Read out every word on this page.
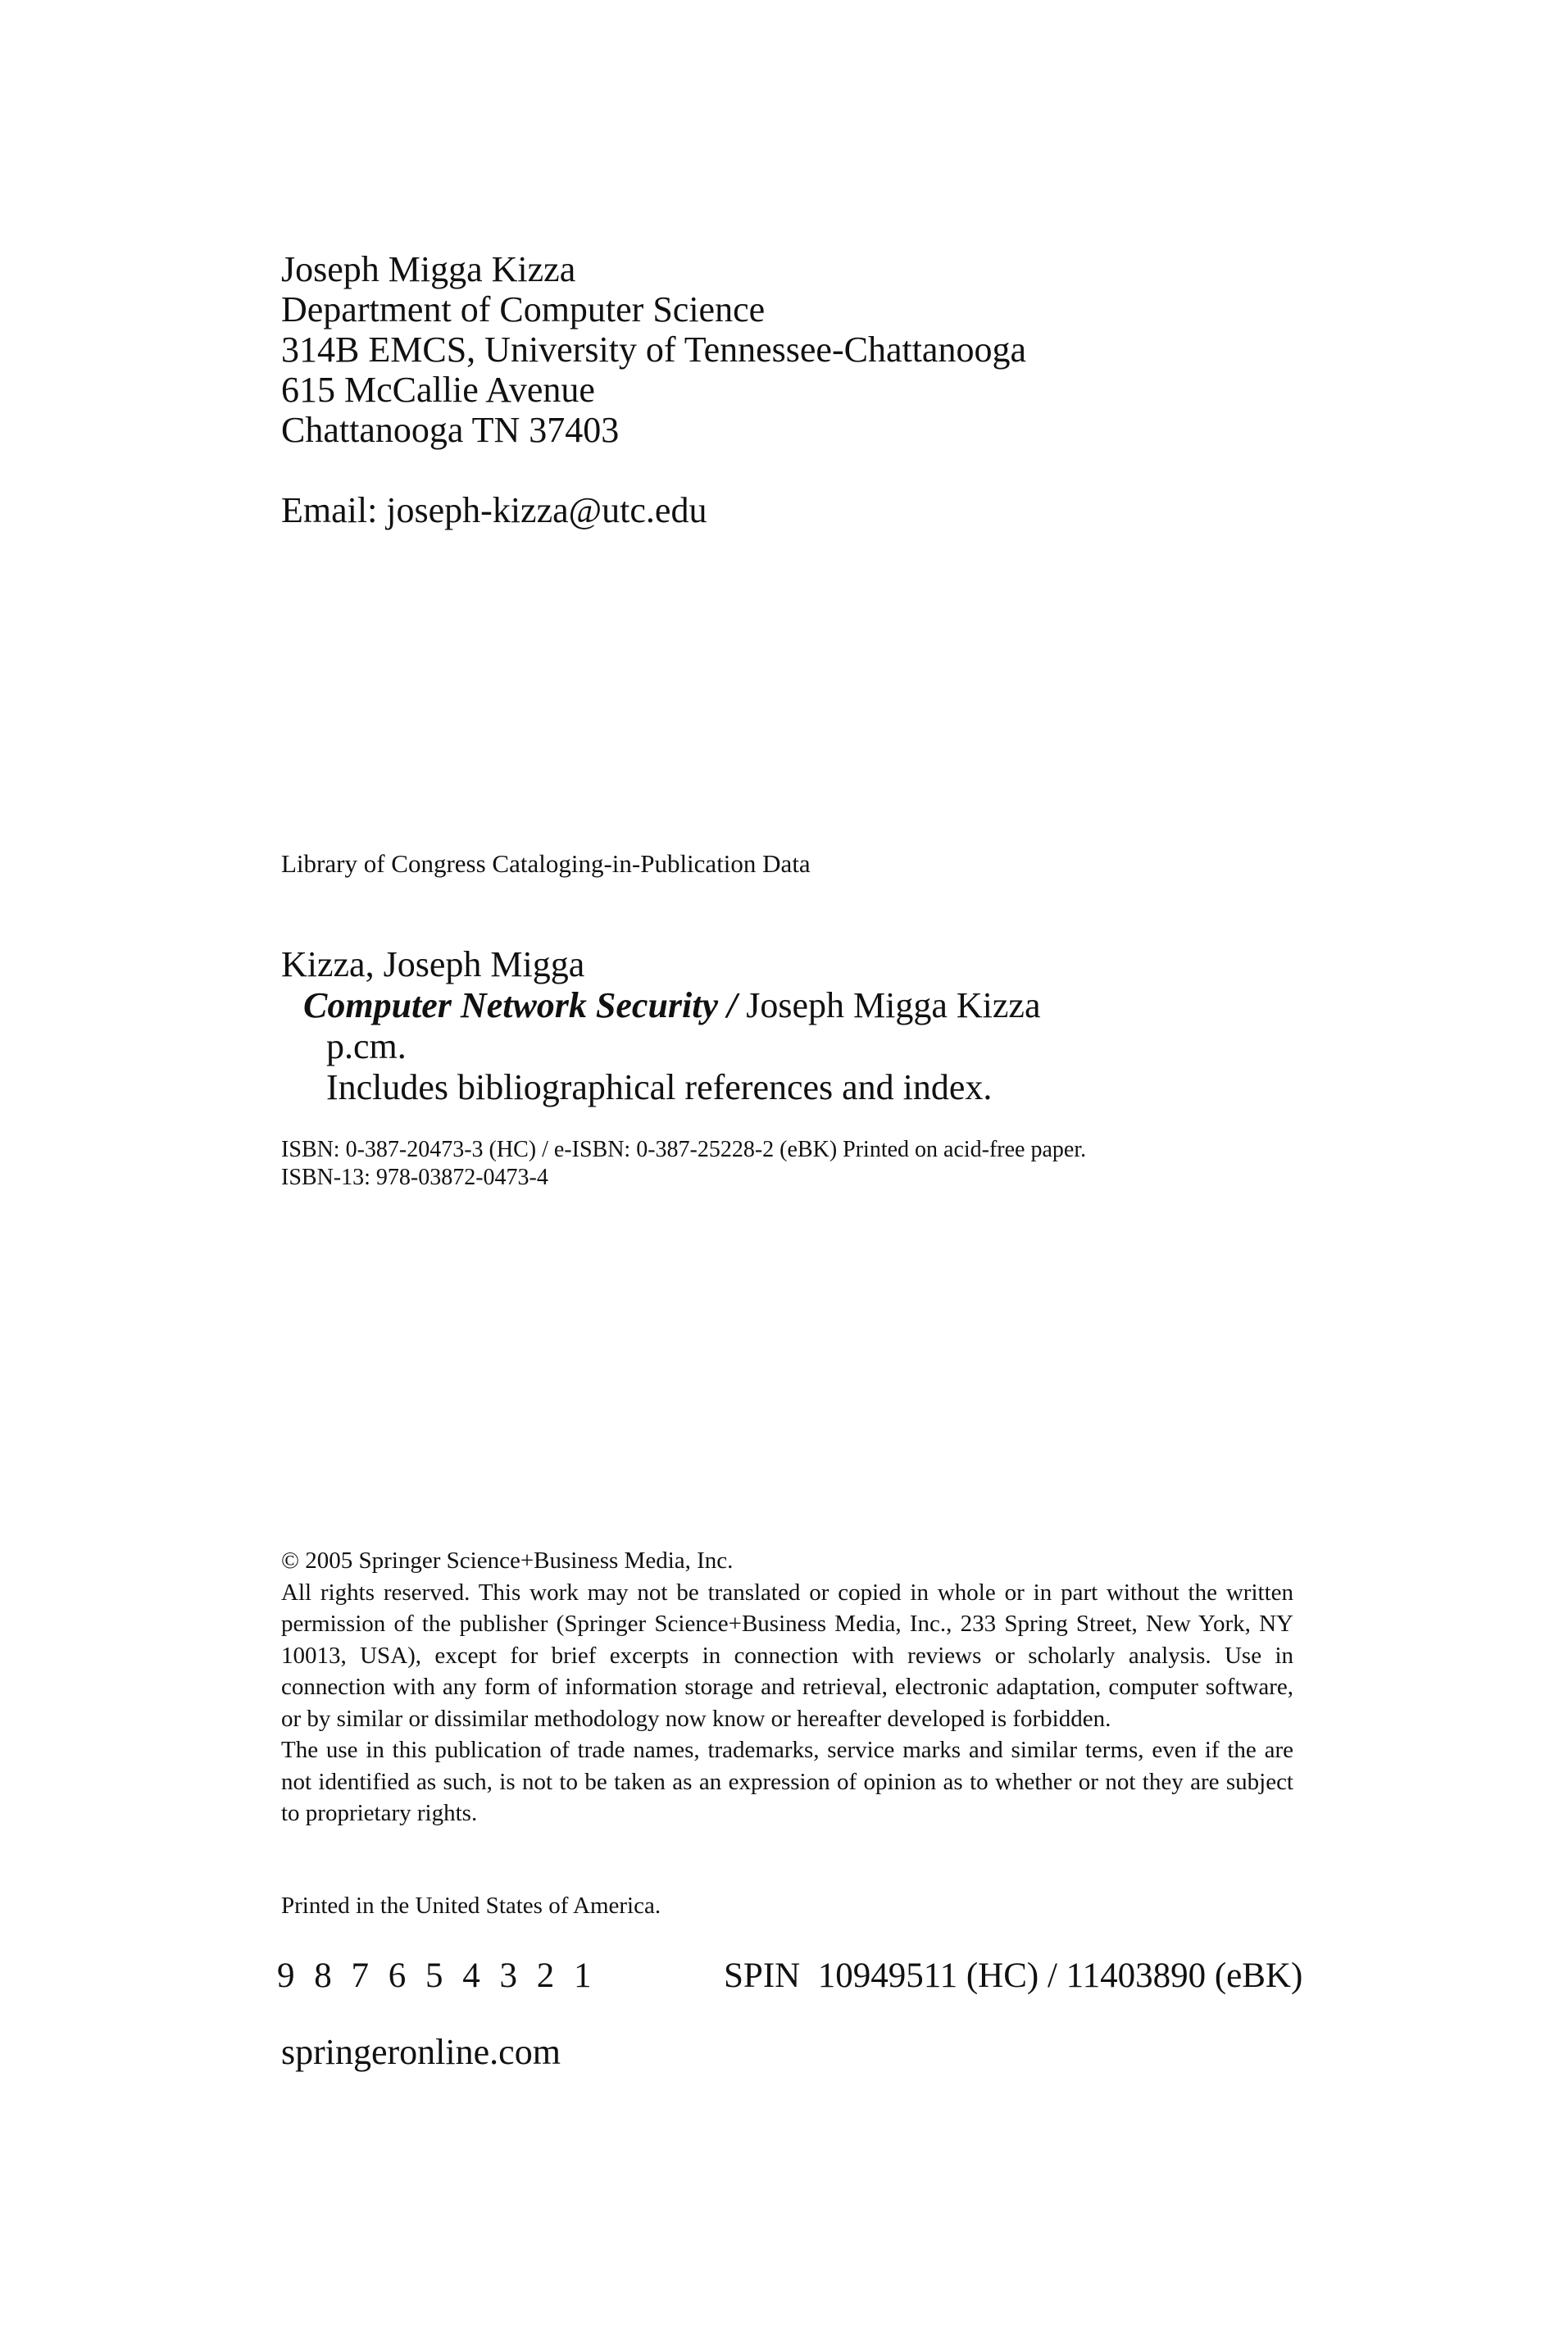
Joseph Migga Kizza
Department of Computer Science
314B EMCS, University of Tennessee-Chattanooga
615 McCallie Avenue
Chattanooga TN 37403
Email: joseph-kizza@utc.edu
Library of Congress Cataloging-in-Publication Data
Kizza, Joseph Migga
Computer Network Security / Joseph Migga Kizza
p.cm.
Includes bibliographical references and index.
ISBN: 0-387-20473-3 (HC) / e-ISBN: 0-387-25228-2 (eBK) Printed on acid-free paper.
ISBN-13: 978-03872-0473-4

© 2005 Springer Science+Business Media, Inc.

All rights reserved. This work may not be translated or copied in whole or in part without the written permission of the publisher (Springer Science+Business Media, Inc., 233 Spring Street, New York, NY 10013, USA), except for brief excerpts in connection with reviews or scholarly analysis. Use in connection with any form of information storage and retrieval, electronic adaptation, computer software, or by similar or dissimilar methodology now know or hereafter developed is forbidden.

The use in this publication of trade names, trademarks, service marks and similar terms, even if the are not identified as such, is not to be taken as an expression of opinion as to whether or not they are subject to proprietary rights.

Printed in the United States of America.
9 8 7 6 5 4 3 2 1	SPIN  10949511 (HC) / 11403890 (eBK)
springeronline.com
